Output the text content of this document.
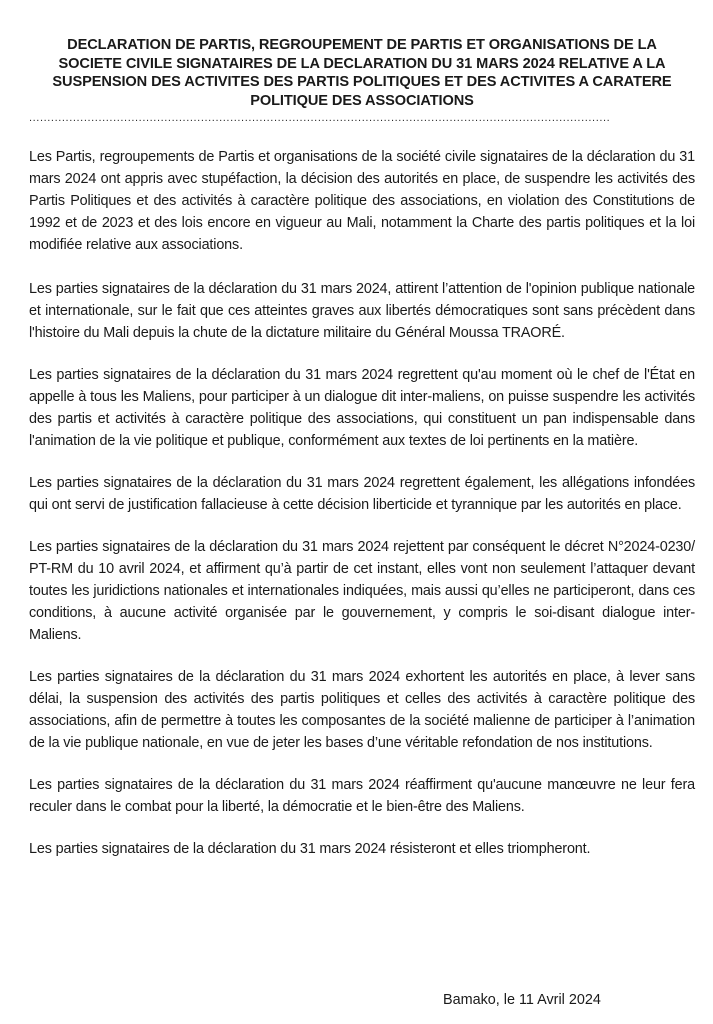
DECLARATION DE PARTIS, REGROUPEMENT DE PARTIS ET ORGANISATIONS DE LA SOCIETE CIVILE SIGNATAIRES DE LA DECLARATION DU 31 MARS 2024 RELATIVE A LA SUSPENSION DES ACTIVITES DES PARTIS POLITIQUES ET DES ACTIVITES A CARATERE POLITIQUE DES ASSOCIATIONS
...............................................................................................................................................................

Les Partis, regroupements de Partis et organisations de la société civile signataires de la déclaration du 31 mars 2024 ont appris avec stupéfaction, la décision des autorités en place, de suspendre les activités des Partis Politiques et des activités à caractère politique des associations, en violation des Constitutions de 1992 et de 2023 et des lois encore en vigueur au Mali, notamment la Charte des partis politiques et la loi modifiée relative aux associations.

Les parties signataires de la déclaration du 31 mars 2024, attirent l’attention de l'opinion publique nationale et internationale, sur le fait que ces atteintes graves aux libertés démocratiques sont sans précèdent dans l'histoire du Mali depuis la chute de la dictature militaire du Général Moussa TRAORÉ.

Les parties signataires de la déclaration du 31 mars 2024 regrettent qu'au moment où le chef de l'État en appelle à tous les Maliens, pour participer à un dialogue dit inter-maliens, on puisse suspendre les activités des partis et activités à caractère politique des associations, qui constituent un pan indispensable dans l'animation de la vie politique et publique, conformément aux textes de loi pertinents en la matière.

Les parties signataires de la déclaration du 31 mars 2024 regrettent également, les allégations infondées qui ont servi de justification fallacieuse à cette décision liberticide et tyrannique par les autorités en place.

Les parties signataires de la déclaration du 31 mars 2024 rejettent par conséquent le décret N°2024-0230/ PT-RM du 10 avril 2024, et affirment qu’à partir de cet instant, elles vont non seulement l’attaquer devant toutes les juridictions nationales et internationales indiquées, mais aussi qu’elles ne participeront, dans ces conditions, à aucune activité organisée par le gouvernement, y compris le soi-disant dialogue inter-Maliens.

Les parties signataires de la déclaration du 31 mars 2024 exhortent les autorités en place, à lever sans délai, la suspension des activités des partis politiques et celles des activités à caractère politique des associations, afin de permettre à toutes les composantes de la société malienne de participer à l’animation de la vie publique nationale, en vue de jeter les bases d’une véritable refondation de nos institutions.

Les parties signataires de la déclaration du 31 mars 2024 réaffirment qu'aucune manœuvre ne leur fera reculer dans le combat pour la liberté, la démocratie et le bien-être des Maliens.

Les parties signataires de la déclaration du 31 mars 2024 résisteront et elles triompheront.

Bamako, le 11 Avril 2024
